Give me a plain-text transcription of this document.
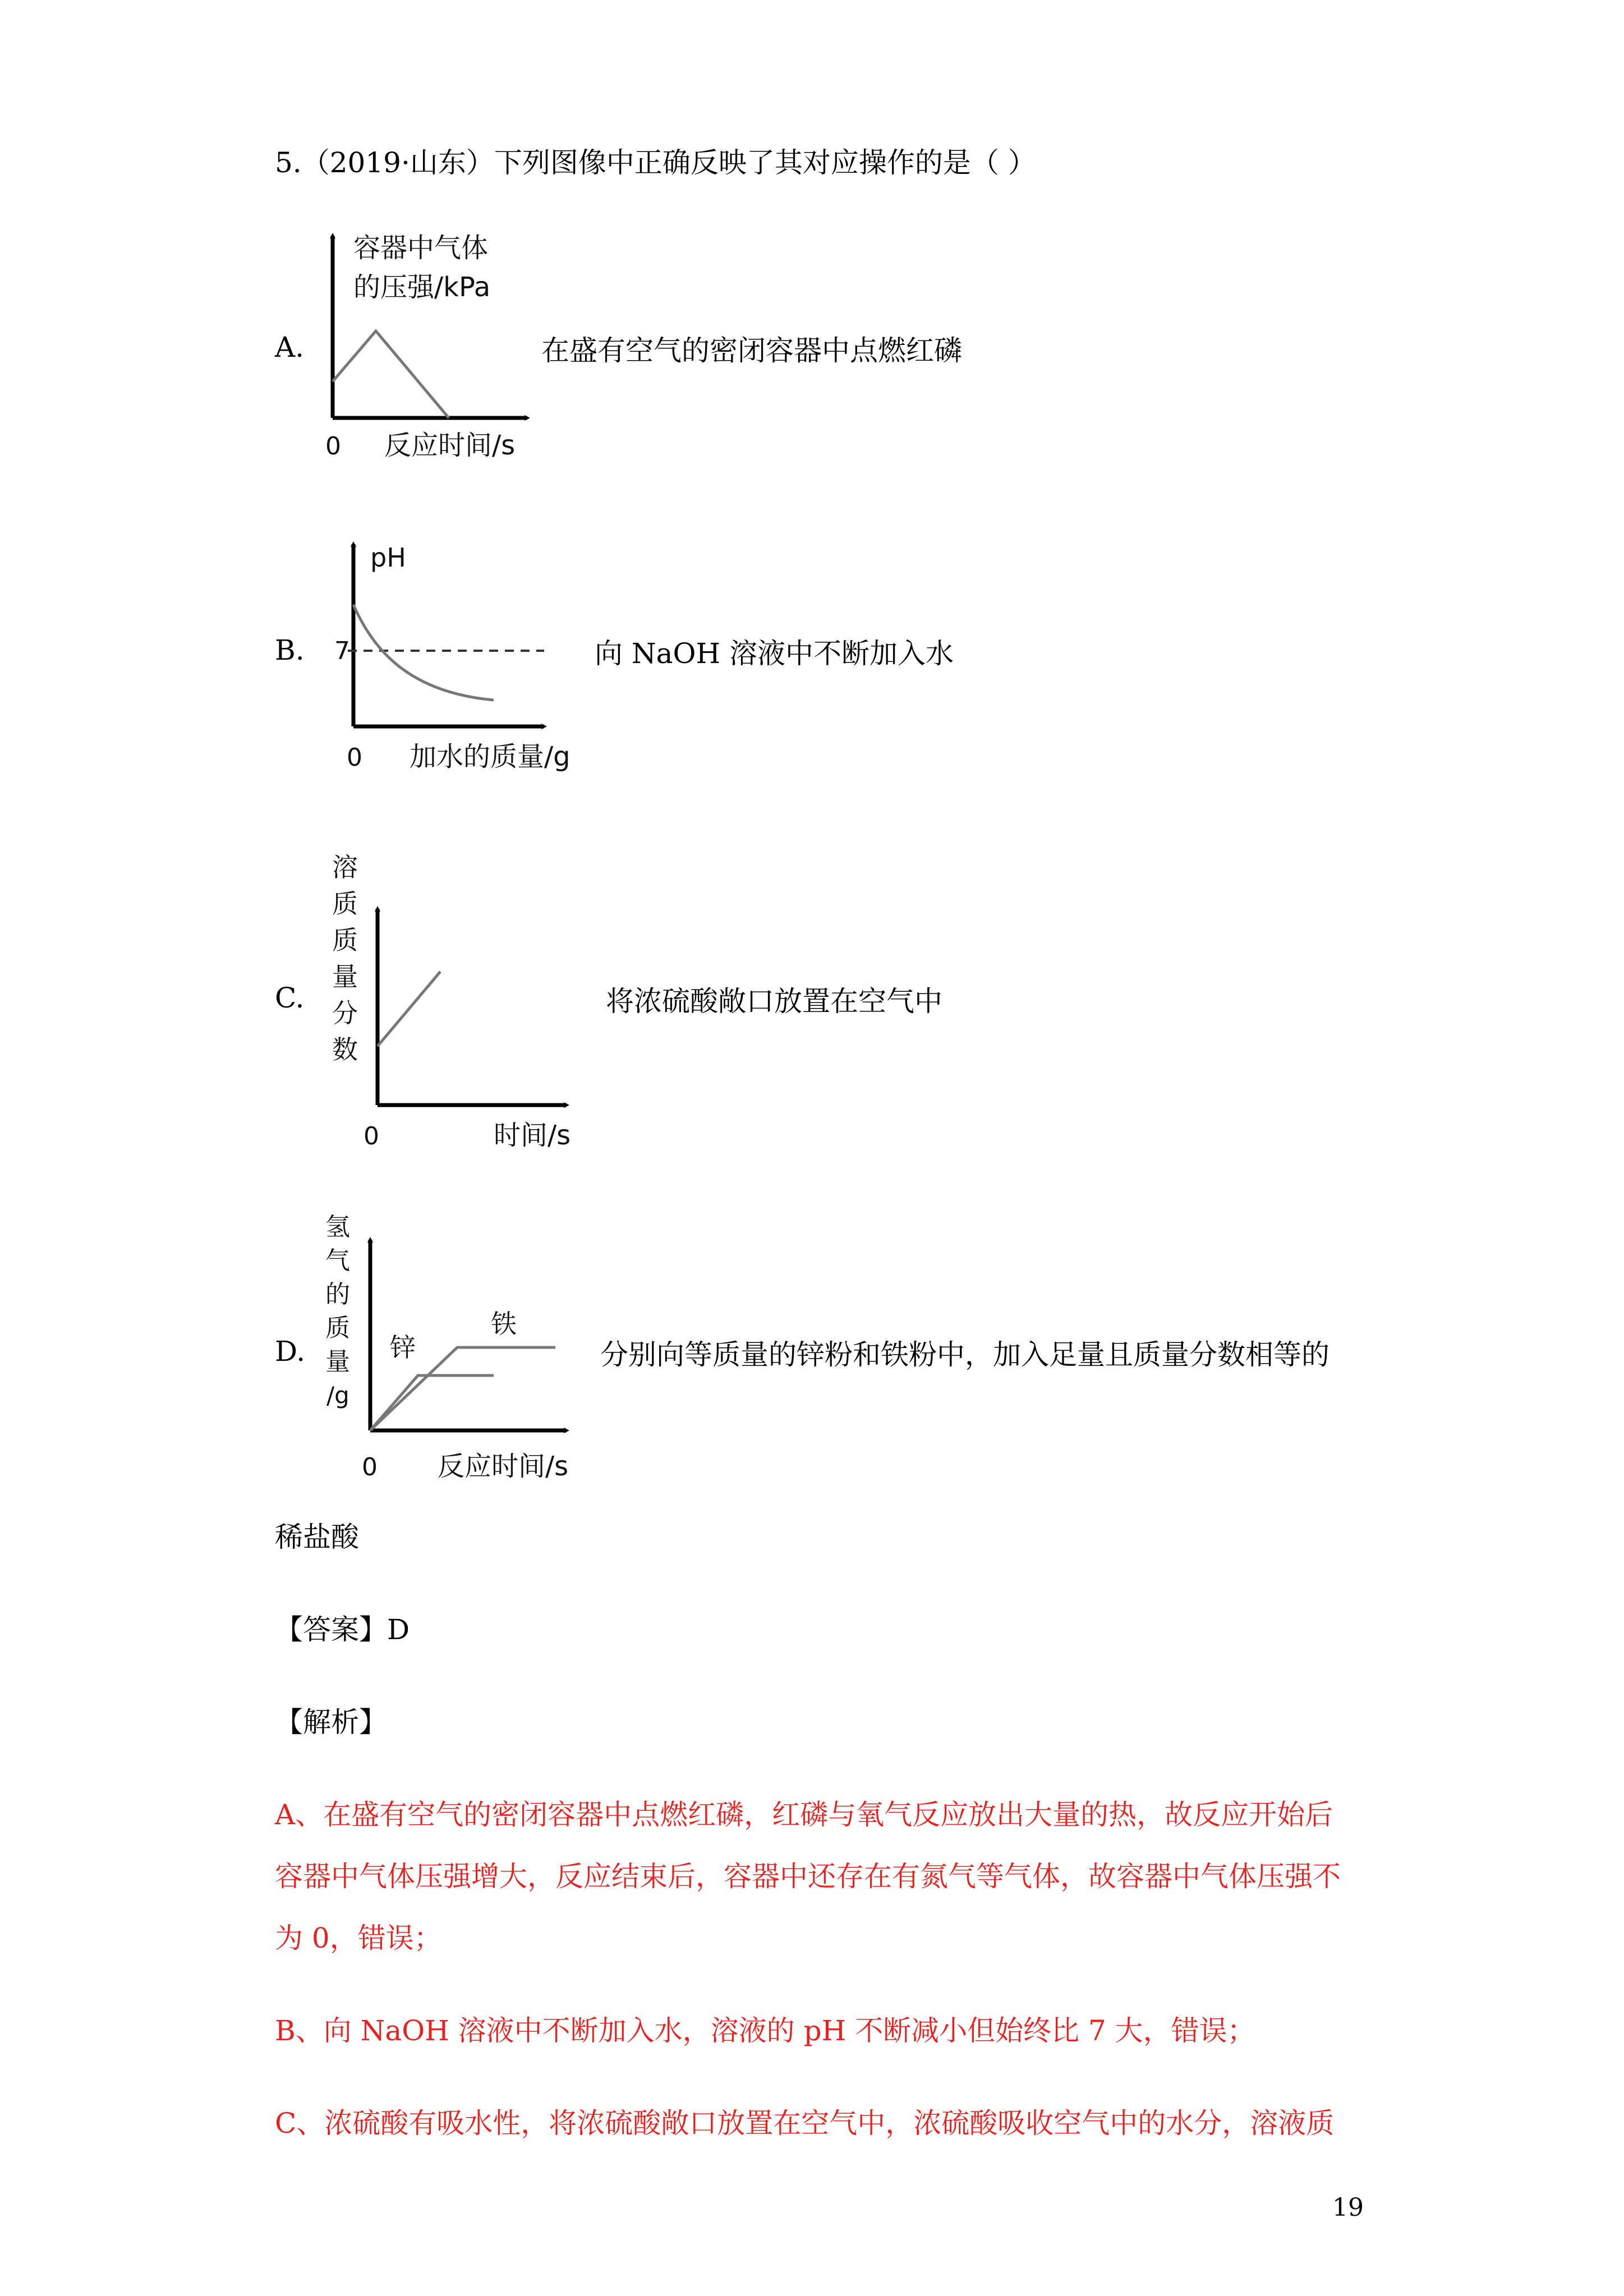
5.（2019·山东）下列图像中正确反映了其对应操作的是（ ）
A.	在盛有空气的密闭容器中点燃红磷
容器中气体
的压强/kPa
0 反应时间/s
B.	向 NaOH 溶液中不断加入水
pH
7
0 加水的质量/g
C.	将浓硫酸敞口放置在空气中
溶
质
质
量
分
数
0	时间/s
D.	分别向等质量的锌粉和铁粉中，加入足量且质量分数相等的
氢
气
的
质
量
/g
锌
铁
0 反应时间/s
稀盐酸
【答案】D
【解析】
A、在盛有空气的密闭容器中点燃红磷，红磷与氧气反应放出大量的热，故反应开始后
容器中气体压强增大，反应结束后，容器中还存在有氮气等气体，故容器中气体压强不
为 0，错误；
B、向 NaOH 溶液中不断加入水，溶液的 pH 不断减小但始终比 7 大，错误；
C、浓硫酸有吸水性，将浓硫酸敞口放置在空气中，浓硫酸吸收空气中的水分，溶液质
19
